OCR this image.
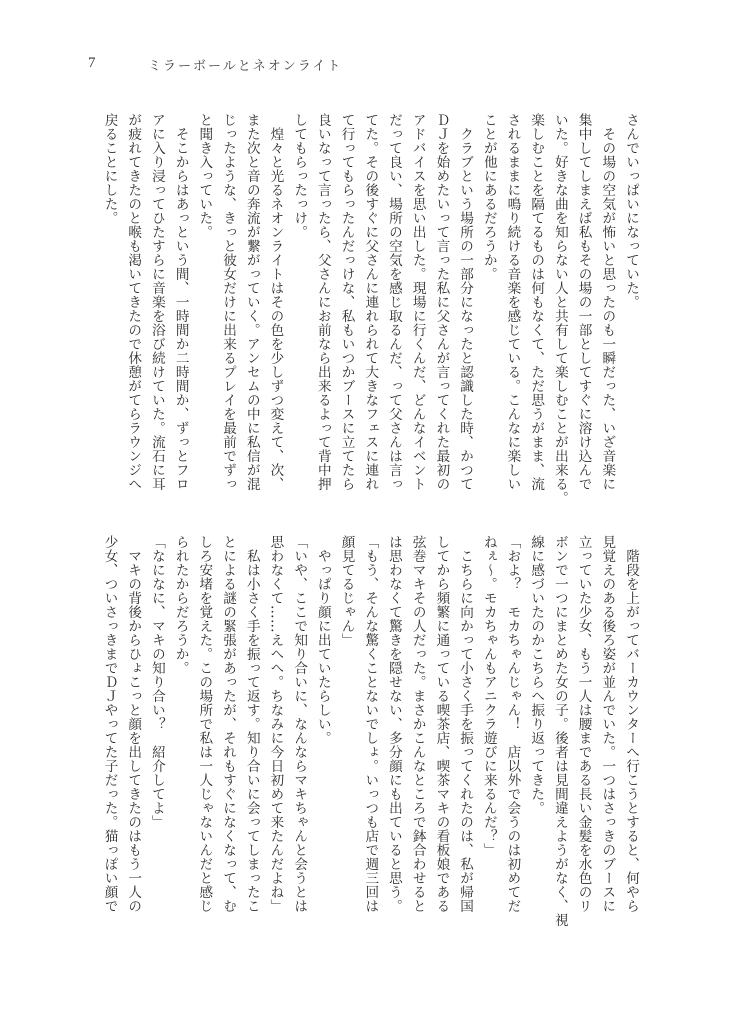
7	ミラーボールとネオンライト
さんでいっぱいになっていた。
　その場の空気が怖いと思ったのも一瞬だった、いざ音楽に
集中してしまえば私もその場の一部としてすぐに溶け込んで
いた。好きな曲を知らない人と共有して楽しむことが出来る。
楽しむことを隔てるものは何もなくて、ただ思うがまま、流
されるままに鳴り続ける音楽を感じている。こんなに楽しい
ことが他にあるだろうか。
　クラブという場所の一部分になったと認識した時、かつて
ＤＪを始めたいって言った私に父さんが言ってくれた最初の
アドバイスを思い出した。現場に行くんだ、どんなイベント
だって良い、場所の空気を感じ取るんだ、って父さんは言っ
てた。その後すぐに父さんに連れられて大きなフェスに連れ
て行ってもらったんだっけな、私もいつかブースに立てたら
良いなって言ったら、父さんにお前なら出来るよって背中押
してもらったっけ。
　煌々と光るネオンライトはその色を少しずつ変えて、次、
また次と音の奔流が繋がっていく。アンセムの中に私信が混
じったような、きっと彼女だけに出来るプレイを最前でずっ
と聞き入っていた。
　そこからはあっという間、一時間か二時間か、ずっとフロ
アに入り浸ってひたすらに音楽を浴び続けていた。流石に耳
が疲れてきたのと喉も渇いてきたので休憩がてらラウンジへ
戻ることにした。
　階段を上がってバーカウンターへ行こうとすると、何やら
見覚えのある後ろ姿が並んでいた。一つはさっきのブースに
立っていた少女、もう一人は腰まである長い金髪を水色のリ
ボンで一つにまとめた女の子。後者は見間違えようがなく、視
線に感づいたのかこちらへ振り返ってきた。
「およ？　モカちゃんじゃん！　店以外で会うのは初めてだ
ねぇ～。モカちゃんもアニクラ遊びに来るんだ？」
　こちらに向かって小さく手を振ってくれたのは、私が帰国
してから頻繁に通っている喫茶店、喫茶マキの看板娘である
弦巻マキその人だった。まさかこんなところで鉢合わせると
は思わなくて驚きを隠せない、多分顔にも出ていると思う。
「もう、そんな驚くことないでしょ。いっつも店で週三回は
顔見てるじゃん」
　やっぱり顔に出ていたらしい。
「いや、ここで知り合いに、なんならマキちゃんと会うとは
思わなくて……えへへ。ちなみに今日初めて来たんだよね」
　私は小さく手を振って返す。知り合いに会ってしまったこ
とによる謎の緊張があったが、それもすぐになくなって、む
しろ安堵を覚えた。この場所で私は一人じゃないんだと感じ
られたからだろうか。
「なになに、マキの知り合い？　紹介してよ」
　マキの背後からひょこっと顔を出してきたのはもう一人の
少女、ついさっきまでＤＪやってた子だった。猫っぽい顔で
